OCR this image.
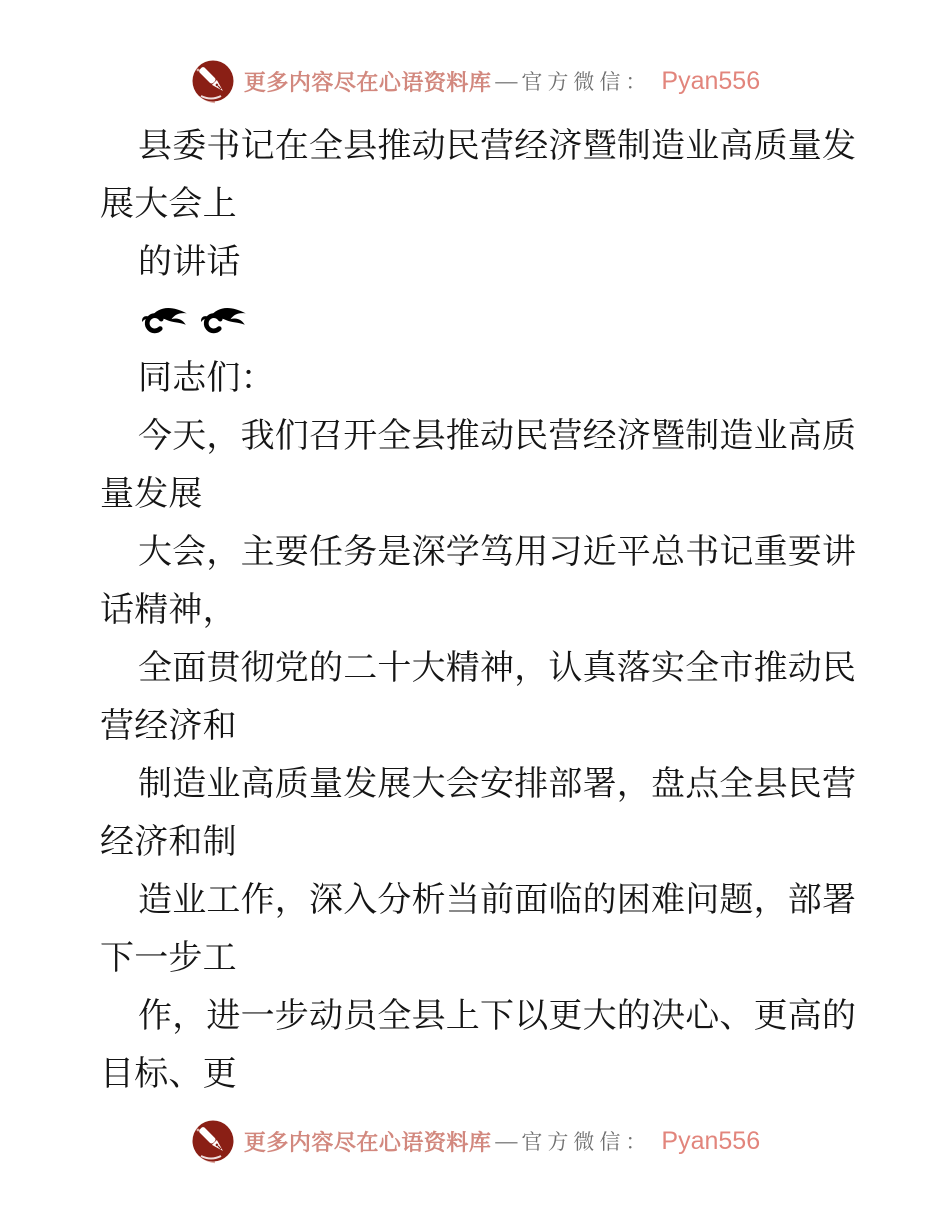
更多内容尽在心语资料库 — 官方微信： Pyan556
县委书记在全县推动民营经济暨制造业高质量发
展大会上
的讲话
同志们：
今天，我们召开全县推动民营经济暨制造业高质
量发展
大会，主要任务是深学笃用习近平总书记重要讲
话精神，
全面贯彻党的二十大精神，认真落实全市推动民
营经济和
制造业高质量发展大会安排部署，盘点全县民营
经济和制
造业工作，深入分析当前面临的困难问题，部署
下一步工
作，进一步动员全县上下以更大的决心、更高的
目标、更
更多内容尽在心语资料库 — 官方微信： Pyan556
